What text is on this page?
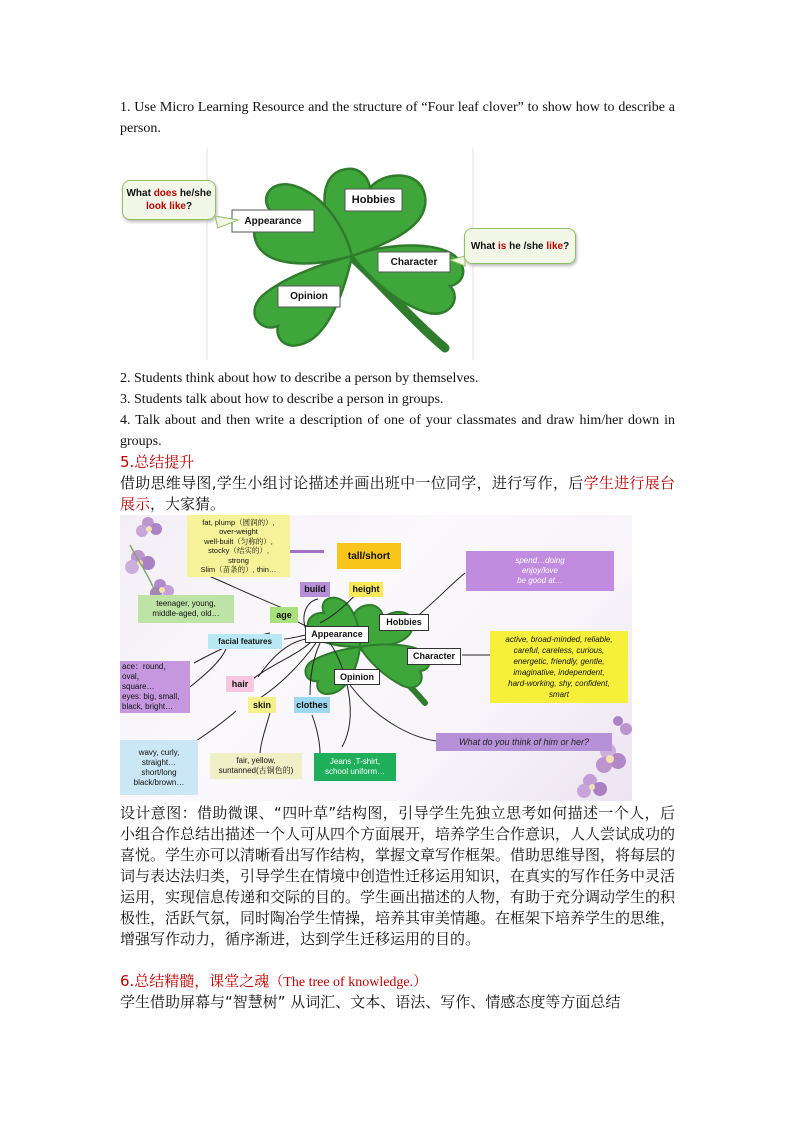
1. Use Micro Learning Resource and the structure of “Four leaf clover” to show how to describe a person.
Hobbies
Appearance
Character
Opinion
What does he/she
look like?
What is he /she like?
2. Students think about how to describe a person by themselves.
3. Students talk about how to describe a person in groups.
4. Talk about and then write a description of one of your classmates and draw him/her down in groups.
5.总结提升
借助思维导图,学生小组讨论描述并画出班中一位同学，进行写作，后学生进行展台展示，大家猜。
Hobbies
Appearance
Character
Opinion
tall/short
build	height
age
facial features
hair
skin	clothes
fat, plump（圆润的）,
over-weight
well-built（匀称的）,
stocky（结实的）,
strong
Slim（苗条的）, thin…
teenager, young,
middle-aged, old…
ace：round，oval，
square…
eyes: big, small,
black, bright…
wavy, curly,
straight…
short/long
black/brown…
fair, yellow,
suntanned(古铜色的)
Jeans ,T-shirt,
school uniform…
spend…doing
enjoy/love
be good at…
active, broad-minded, reliable,
careful, careless, curious,
energetic, friendly, gentle,
imaginative, independent,
hard-working, shy, confident,
smart
What do you think of him or her?
设计意图：借助微课、“四叶草”结构图，引导学生先独立思考如何描述一个人，后小组合作总结出描述一个人可从四个方面展开，培养学生合作意识，人人尝试成功的喜悦。学生亦可以清晰看出写作结构，掌握文章写作框架。借助思维导图，将每层的词与表达法归类，引导学生在情境中创造性迁移运用知识，在真实的写作任务中灵活运用，实现信息传递和交际的目的。学生画出描述的人物，有助于充分调动学生的积极性，活跃气氛，同时陶冶学生情操，培养其审美情趣。在框架下培养学生的思维，增强写作动力，循序渐进，达到学生迁移运用的目的。
6.总结精髓，课堂之魂（The tree of knowledge.）
学生借助屏幕与“智慧树” 从词汇、文本、语法、写作、情感态度等方面总结
